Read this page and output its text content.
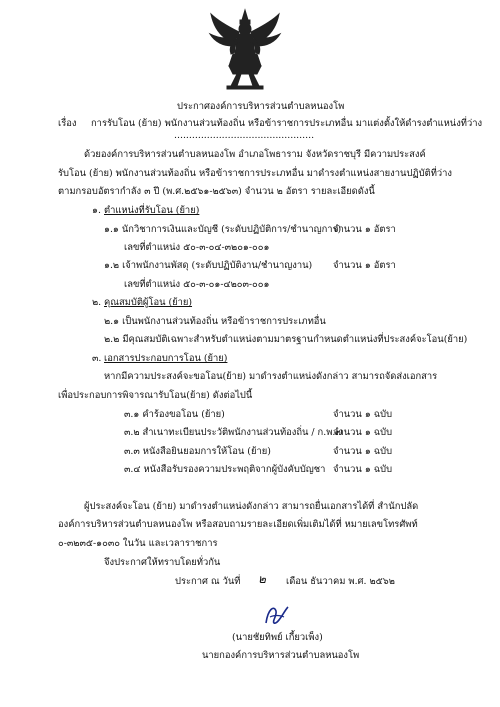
ประกาศองค์การบริหารส่วนตำบลหนองโพ
เรื่อง การรับโอน (ย้าย) พนักงานส่วนท้องถิ่น หรือข้าราชการประเภทอื่น มาแต่งตั้งให้ดำรงตำแหน่งที่ว่าง
...............................................
ด้วยองค์การบริหารส่วนตำบลหนองโพ อำเภอโพธาราม จังหวัดราชบุรี มีความประสงค์
รับโอน (ย้าย) พนักงานส่วนท้องถิ่น หรือข้าราชการประเภทอื่น มาดำรงตำแหน่งสายงานปฏิบัติที่ว่าง
ตามกรอบอัตรากำลัง ๓ ปี (พ.ศ.๒๕๖๑-๒๕๖๓) จำนวน ๒ อัตรา รายละเอียดดังนี้
๑. ตำแหน่งที่รับโอน (ย้าย)
๑.๑ นักวิชาการเงินและบัญชี (ระดับปฏิบัติการ/ชำนาญการ)
จำนวน ๑ อัตรา
เลขที่ตำแหน่ง ๕๐-๓-๐๔-๓๒๐๑-๐๐๑
๑.๒ เจ้าพนักงานพัสดุ (ระดับปฏิบัติงาน/ชำนาญงาน) จำนวน ๑ อัตรา
เลขที่ตำแหน่ง ๕๐-๓-๐๑-๔๒๐๓-๐๐๑
๒. คุณสมบัติผู้โอน (ย้าย)
๒.๑ เป็นพนักงานส่วนท้องถิ่น หรือข้าราชการประเภทอื่น
๒.๒ มีคุณสมบัติเฉพาะสำหรับตำแหน่งตามมาตรฐานกำหนดตำแหน่งที่ประสงค์จะโอน(ย้าย)
๓. เอกสารประกอบการโอน (ย้าย)
หากมีความประสงค์จะขอโอน(ย้าย) มาดำรงตำแหน่งดังกล่าว สามารถจัดส่งเอกสาร
เพื่อประกอบการพิจารณารับโอน(ย้าย) ดังต่อไปนี้
๓.๑ คำร้องขอโอน (ย้าย)	จำนวน ๑ ฉบับ
๓.๒ สำเนาทะเบียนประวัติพนักงานส่วนท้องถิ่น / ก.พ.๗
จำนวน ๑ ฉบับ
๓.๓ หนังสือยินยอมการให้โอน (ย้าย)	จำนวน ๑ ฉบับ
๓.๔ หนังสือรับรองความประพฤติจากผู้บังคับบัญชา จำนวน ๑ ฉบับ
ผู้ประสงค์จะโอน (ย้าย) มาดำรงตำแหน่งดังกล่าว สามารถยื่นเอกสารได้ที่ สำนักปลัด
องค์การบริหารส่วนตำบลหนองโพ หรือสอบถามรายละเอียดเพิ่มเติมได้ที่ หมายเลขโทรศัพท์
๐-๓๒๓๕-๑๐๓๐ ในวัน และเวลาราชการ
จึงประกาศให้ทราบโดยทั่วกัน
ประกาศ ณ วันที่ ๒ เดือน ธันวาคม พ.ศ. ๒๕๖๒
(นายชัยทิพย์ เกี้ยวเพ็ง)
นายกองค์การบริหารส่วนตำบลหนองโพ
